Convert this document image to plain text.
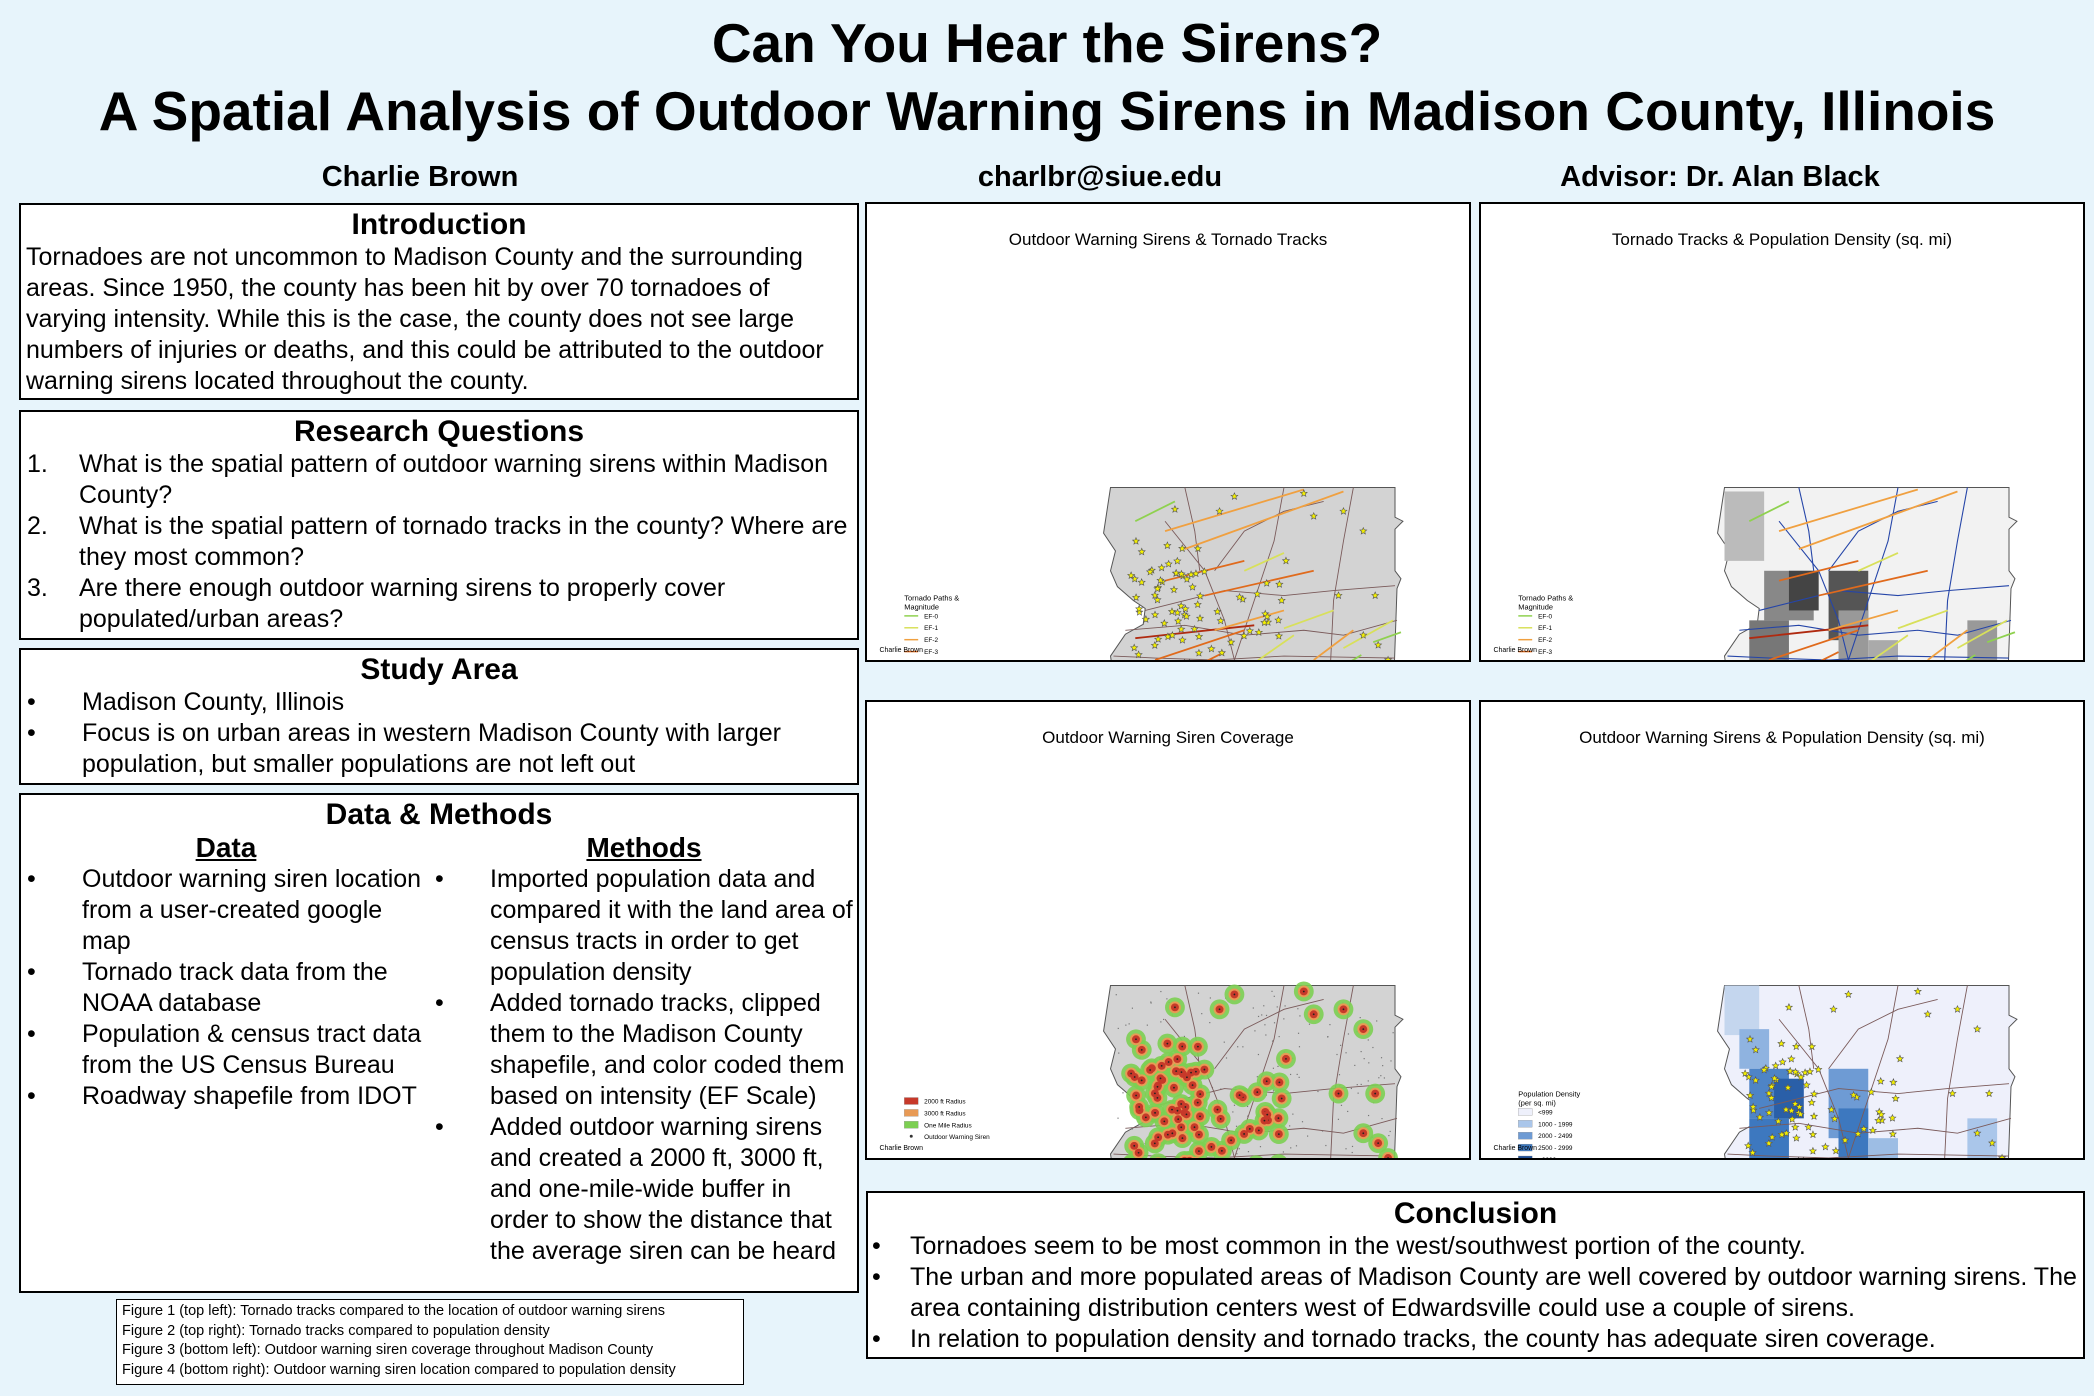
Can You Hear the Sirens?
A Spatial Analysis of Outdoor Warning Sirens in Madison County, Illinois
Charlie Brown	charlbr@siue.edu	Advisor: Dr. Alan Black
Introduction

Tornadoes are not uncommon to Madison County and the surrounding areas. Since 1950, the county has been hit by over 70 tornadoes of varying intensity. While this is the case, the county does not see large numbers of injuries or deaths, and this could be attributed to the outdoor warning sirens located throughout the county.

Research Questions
1. What is the spatial pattern of outdoor warning sirens within Madison County?
2. What is the spatial pattern of tornado tracks in the county? Where are they most common?
3. Are there enough outdoor warning sirens to properly cover populated/urban areas?
Study Area
• Madison County, Illinois
• Focus is on urban areas in western Madison County with larger population, but smaller populations are not left out
Data & Methods
Data
• Outdoor warning siren location from a user-created google map
• Tornado track data from the NOAA database
• Population & census tract data from the US Census Bureau
• Roadway shapefile from IDOT
Methods
• Imported population data and compared it with the land area of census tracts in order to get population density
• Added tornado tracks, clipped them to the Madison County shapefile, and color coded them based on intensity (EF Scale)
• Added outdoor warning sirens and created a 2000 ft, 3000 ft, and one-mile-wide buffer in order to show the distance that the average siren can be heard
Figure 1 (top left): Tornado tracks compared to the location of outdoor warning sirens
Figure 2 (top right): Tornado tracks compared to population density
Figure 3 (bottom left): Outdoor warning siren coverage throughout Madison County
Figure 4 (bottom right): Outdoor warning siren location compared to population density
Outdoor Warning Sirens & Tornado Tracks
Tornado Paths &
Magnitude
EF-0
EF-1
EF-2
EF-3
Charlie Brown
Tornado Tracks & Population Density (sq. mi)
Tornado Paths &
Magnitude
EF-0
EF-1
EF-2
EF-3
Charlie Brown
Outdoor Warning Siren Coverage
2000 ft Radius
3000 ft Radius
One Mile Radius
Outdoor Warning Siren
Charlie Brown
Outdoor Warning Sirens & Population Density (sq. mi)
Population Density
(per sq. mi)
<999
1000 - 1999
2000 - 2499
2500 - 2999
Charlie Brown
Conclusion
• Tornadoes seem to be most common in the west/southwest portion of the county.
• The urban and more populated areas of Madison County are well covered by outdoor warning sirens. The area containing distribution centers west of Edwardsville could use a couple of sirens.
• In relation to population density and tornado tracks, the county has adequate siren coverage.
